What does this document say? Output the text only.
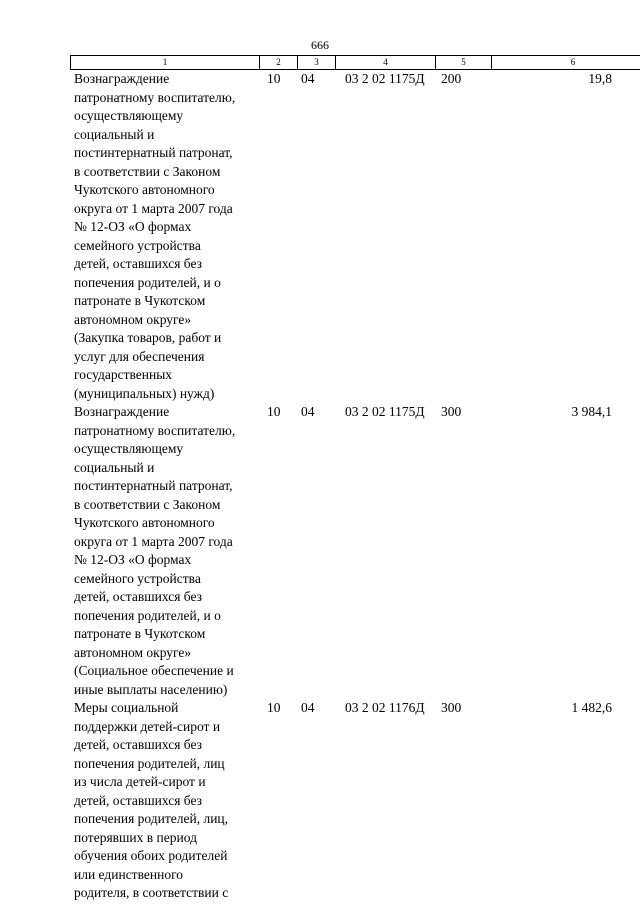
666
1	2	3	4	5	6
Вознаграждение
патронатному воспитателю,
осуществляющему
социальный и
постинтернатный патронат,
в соответствии с Законом
Чукотского автономного
округа от 1 марта 2007 года
№ 12-ОЗ «О формах
семейного устройства
детей, оставшихся без
попечения родителей, и о
патронате в Чукотском
автономном округе»
(Закупка товаров, работ и
услуг для обеспечения
государственных
(муниципальных) нужд)
10	04	03 2 02 1175Д	200	19,8
Вознаграждение
патронатному воспитателю,
осуществляющему
социальный и
постинтернатный патронат,
в соответствии с Законом
Чукотского автономного
округа от 1 марта 2007 года
№ 12-ОЗ «О формах
семейного устройства
детей, оставшихся без
попечения родителей, и о
патронате в Чукотском
автономном округе»
(Социальное обеспечение и
иные выплаты населению)
10	04	03 2 02 1175Д	300	3 984,1
Меры социальной
поддержки детей-сирот и
детей, оставшихся без
попечения родителей, лиц
из числа детей-сирот и
детей, оставшихся без
попечения родителей, лиц,
потерявших в период
обучения обоих родителей
или единственного
родителя, в соответствии с
10	04	03 2 02 1176Д	300	1 482,6
